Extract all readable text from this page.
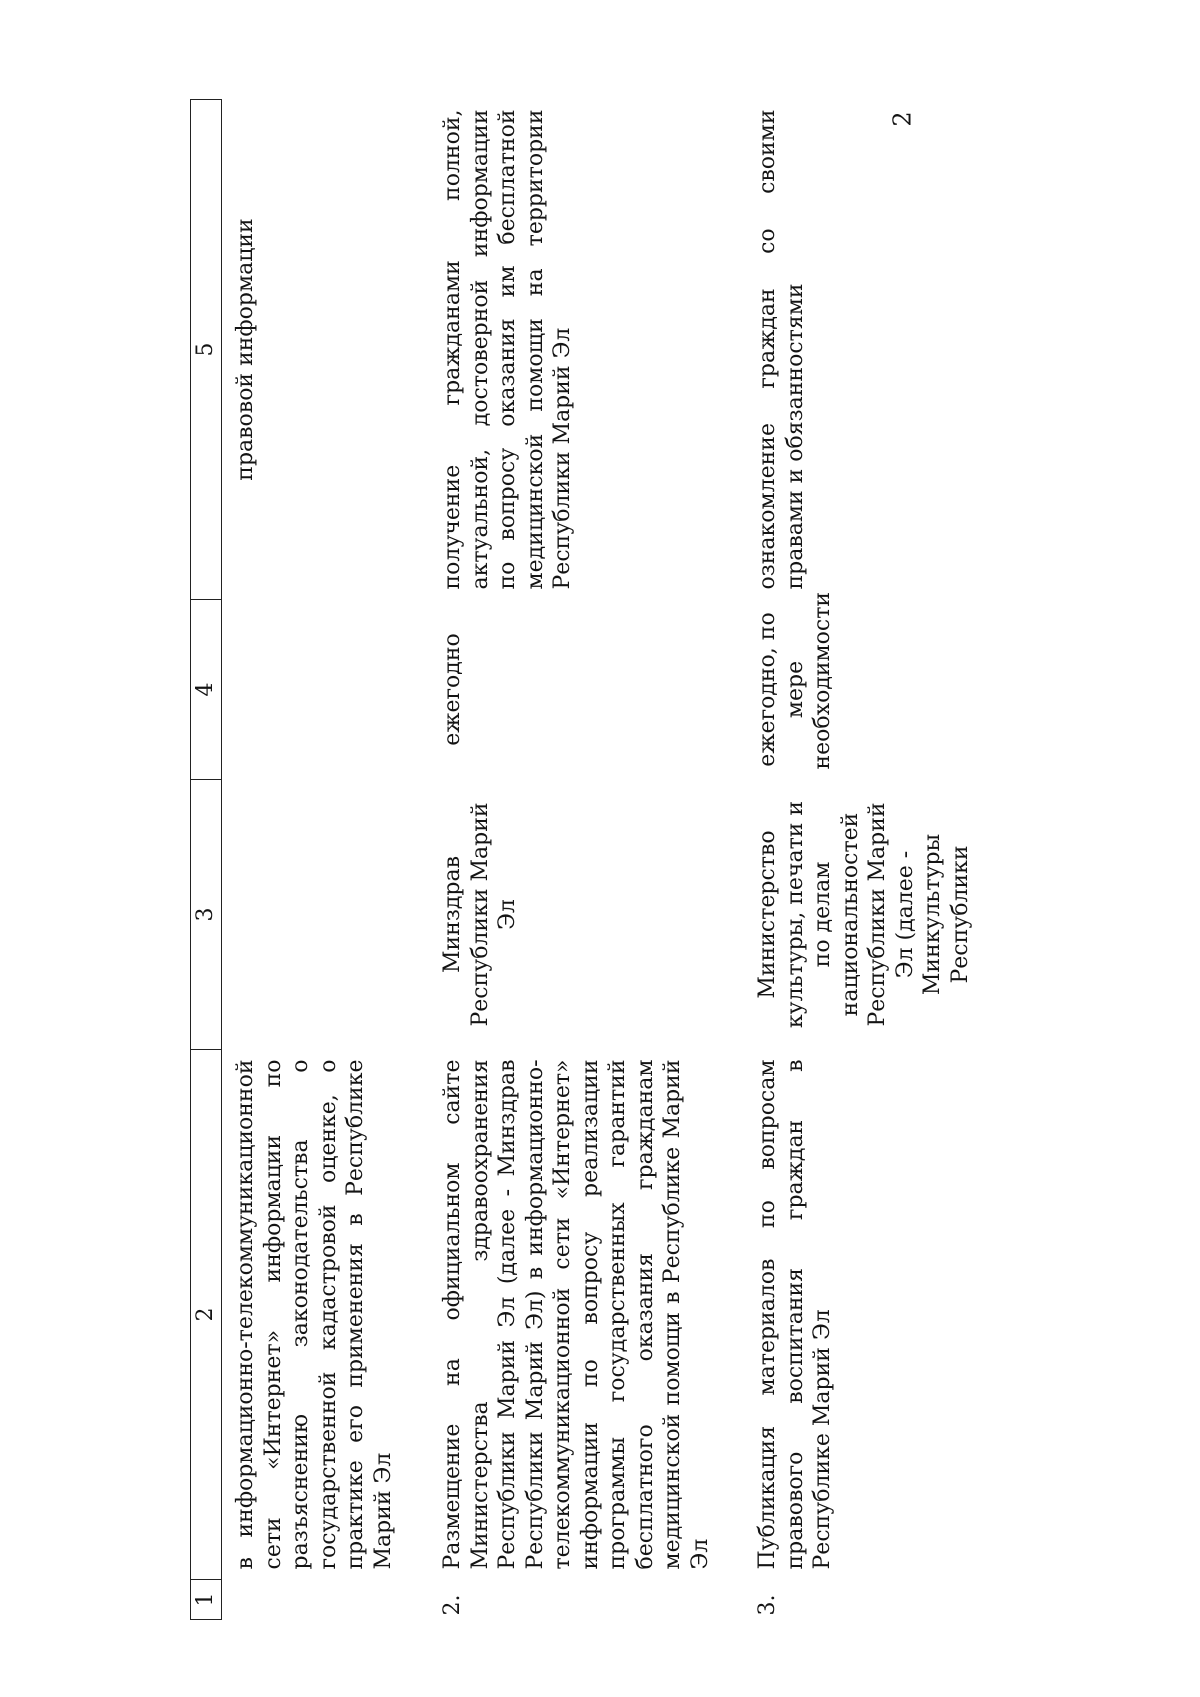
2
1	2	3	4	5
	в информационно-телекоммуникационной сети «Интернет» информации по разъяснению законодательства о государственной кадастровой оценке, о практике его применения в Республике Марий Эл			правовой информации
2.	Размещение на официальном сайте Министерства здравоохранения Республики Марий Эл (далее - Минздрав Республики Марий Эл) в информационно-телекоммуникационной сети «Интернет» информации по вопросу реализации программы государственных гарантий бесплатного оказания гражданам медицинской помощи в Республике Марий Эл	Минздрав Республики Марий Эл	ежегодно	получение гражданами полной, актуальной, достоверной информации по вопросу оказания им бесплатной медицинской помощи на территории Республики Марий Эл
3.	Публикация материалов по вопросам правового воспитания граждан в Республике Марий Эл	Министерство культуры, печати и по делам национальностей Республики Марий Эл (далее - Минкультуры Республики	ежегодно, по мере необходимости	ознакомление граждан со своими правами и обязанностями
